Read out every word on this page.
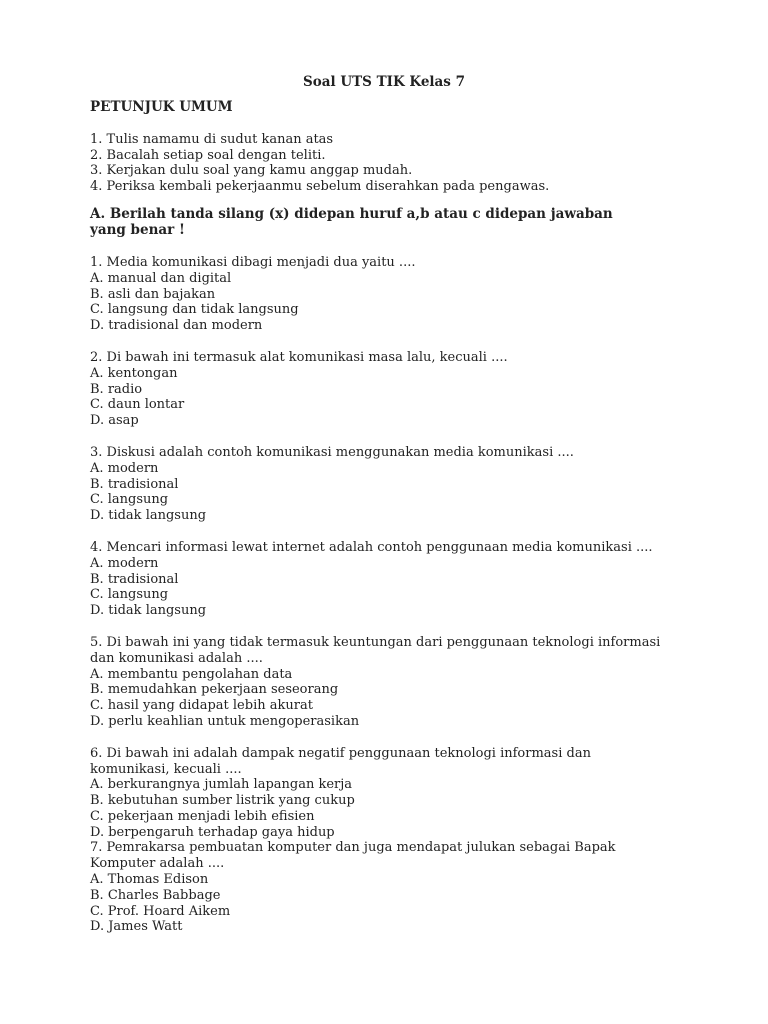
Soal UTS TIK Kelas 7
PETUNJUK UMUM
1. Tulis namamu di sudut kanan atas
2. Bacalah setiap soal dengan teliti.
3. Kerjakan dulu soal yang kamu anggap mudah.
4. Periksa kembali pekerjaanmu sebelum diserahkan pada pengawas.
A. Berilah tanda silang (x) didepan huruf a,b atau c didepan jawaban yang benar !
1. Media komunikasi dibagi menjadi dua yaitu ....
A. manual dan digital
B. asli dan bajakan
C. langsung dan tidak langsung
D. tradisional dan modern
2. Di bawah ini termasuk alat komunikasi masa lalu, kecuali ....
A. kentongan
B. radio
C. daun lontar
D. asap
3. Diskusi adalah contoh komunikasi menggunakan media komunikasi ....
A. modern
B. tradisional
C. langsung
D. tidak langsung
4. Mencari informasi lewat internet adalah contoh penggunaan media komunikasi ....
A. modern
B. tradisional
C. langsung
D. tidak langsung
5. Di bawah ini yang tidak termasuk keuntungan dari penggunaan teknologi informasi dan komunikasi adalah ....
A. membantu pengolahan data
B. memudahkan pekerjaan seseorang
C. hasil yang didapat lebih akurat
D. perlu keahlian untuk mengoperasikan
6. Di bawah ini adalah dampak negatif penggunaan teknologi informasi dan komunikasi, kecuali ....
A. berkurangnya jumlah lapangan kerja
B. kebutuhan sumber listrik yang cukup
C. pekerjaan menjadi lebih efisien
D. berpengaruh terhadap gaya hidup
7. Pemrakarsa pembuatan komputer dan juga mendapat julukan sebagai Bapak Komputer adalah ....
A. Thomas Edison
B. Charles Babbage
C. Prof. Hoard Aikem
D. James Watt
